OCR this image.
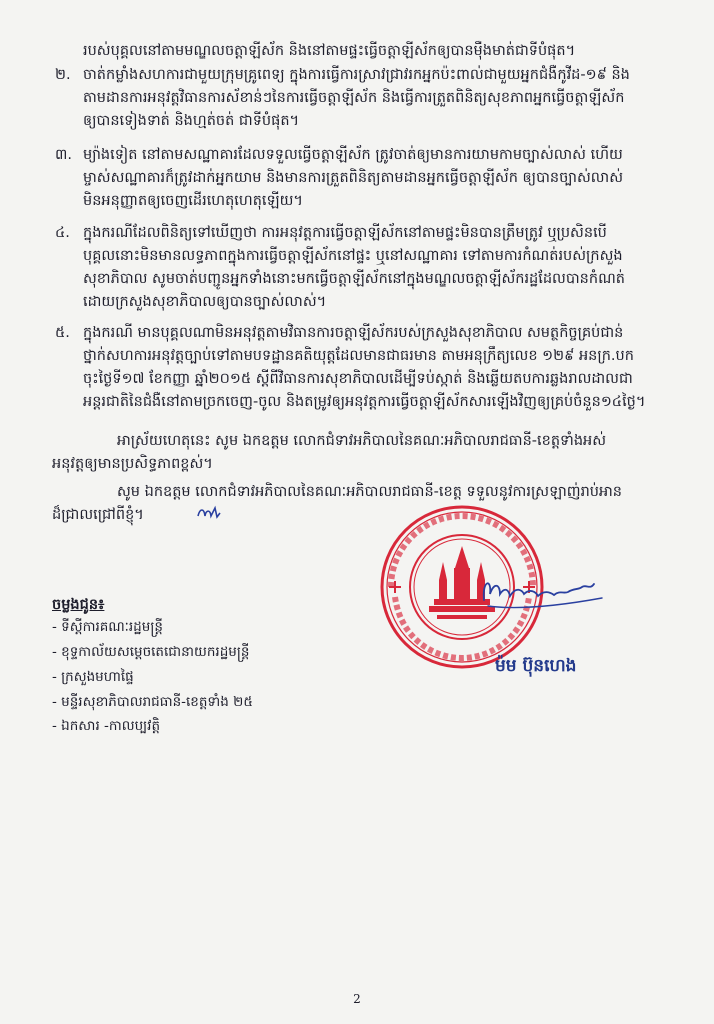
របស់បុគ្គលនៅតាមមណ្ឌលចត្តាឡីស័ក និងនៅតាមផ្ទះធ្វើចត្តាឡីស័កឲ្យបានម៉ឺងមាត់ជាទីបំផុត។
២. ចាត់កម្លាំងសហការជាមួយក្រុមគ្រូពេទ្យ ក្នុងការធ្វើការស្រាវជ្រាវរកអ្នកប៉ះពាល់ជាមួយអ្នកជំងឺកូវីដ-១៩ និង
តាមដានការអនុវត្តវិធានការស័ខាន់ៗនៃការធ្វើចត្តាឡីស័ក និងធ្វើការត្រួតពិនិត្យសុខភាពអ្នកធ្វើចត្តាឡីស័ក
ឲ្យបានទៀងទាត់ និងហ្មត់ចត់ ជាទីបំផុត។
៣. ម្យ៉ាងទៀត នៅតាមសណ្ឋាគារដែលទទួលធ្វើចត្តាឡីស័ក ត្រូវចាត់ឲ្យមានការយាមកាមច្បាស់លាស់ ហើយ
ម្ចាស់សណ្ឋាគារក៏ត្រូវដាក់អ្នកយាម និងមានការត្រួតពិនិត្យតាមដានអ្នកធ្វើចត្តាឡីស័ក ឲ្យបានច្បាស់លាស់
មិនអនុញ្ញាតឲ្យចេញដើរហេតុហេតុឡើយ។
៤. ក្នុងករណីដែលពិនិត្យទៅឃើញថា ការអនុវត្តការធ្វើចត្តាឡីស័កនៅតាមផ្ទះមិនបានត្រឹមត្រូវ ឬប្រសិនបើ
បុគ្គលនោះមិនមានលទ្ធភាពក្នុងការធ្វើចត្តាឡីស័កនៅផ្ទះ ឬនៅសណ្ឋាគារ ទៅតាមការកំណត់របស់ក្រសួង
សុខាភិបាល សូមចាត់បញ្ជូនអ្នកទាំងនោះមកធ្វើចត្តាឡីស័កនៅក្នុងមណ្ឌលចត្តាឡីស័ករដ្ឋដែលបានកំណត់
ដោយក្រសួងសុខាភិបាលឲ្យបានច្បាស់លាស់។
៥. ក្នុងករណី មានបុគ្គលណាមិនអនុវត្តតាមវិធានការចត្តាឡីស័ករបស់ក្រសួងសុខាភិបាល សមត្ថកិច្ចគ្រប់ជាន់
ថ្នាក់សហការអនុវត្តច្បាប់ទៅតាមបទដ្ឋានគតិយុត្តដែលមានជាធរមាន តាមអនុក្រឹត្យលេខ ១២៩ អនក្រ.បក
ចុះថ្ងៃទី១៧ ខែកញ្ញា ឆ្នាំ២០១៥ ស្តីពីវិធានការសុខាភិបាលដើម្បីទប់ស្កាត់ និងឆ្លើយតបការឆ្លងរាលដាលជា
អន្តរជាតិនៃជំងឺនៅតាមច្រកចេញ-ចូល និងតម្រូវឲ្យអនុវត្តការធ្វើចត្តាឡីស័កសារឡើងវិញឲ្យគ្រប់ចំនួន១៤ថ្ងៃ។
អាស្រ័យហេតុនេះ សូម ឯកឧត្តម លោកជំទាវអភិបាលនៃគណៈអភិបាលរាជធានី-ខេត្តទាំងអស់
អនុវត្តឲ្យមានប្រសិទ្ធភាពខ្ពស់។
សូម ឯកឧត្តម លោកជំទាវអភិបាលនៃគណៈអភិបាលរាជធានី-ខេត្ត ទទួលនូវការស្រឡាញ់រាប់អាន
ដ៏ជ្រាលជ្រៅពីខ្ញុំ។
ម៉ម ប៊ុនហេង
ចម្លងជូន៖
- ទីស្តីការគណៈរដ្ឋមន្ត្រី
- ខុទ្ទកាល័យសម្តេចតេជោនាយករដ្ឋមន្ត្រី
- ក្រសួងមហាផ្ទៃ
- មន្ទីរសុខាភិបាលរាជធានី-ខេត្តទាំង ២៥
- ឯកសារ -កាលប្បវត្តិ
2
